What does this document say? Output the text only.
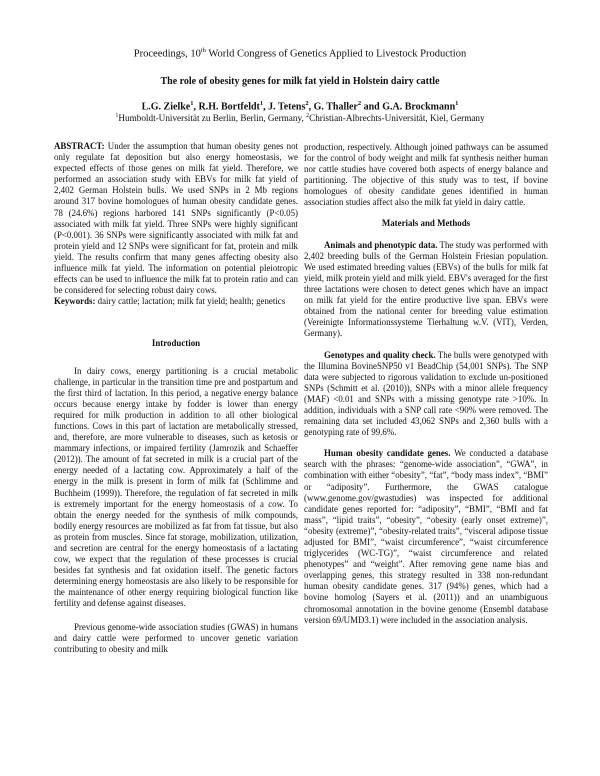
Proceedings, 10th World Congress of Genetics Applied to Livestock Production
The role of obesity genes for milk fat yield in Holstein dairy cattle
L.G. Zielke$^1$, R.H. Bortfeldt$^1$, J. Tetens$^2$, G. Thaller$^2$ and G.A. Brockmann$^1$
$^1$Humboldt-Universität zu Berlin, Berlin, Germany, $^2$Christian-Albrechts-Universität, Kiel, Germany

ABSTRACT: Under the assumption that human obesity genes not only regulate fat deposition but also energy homeostasis, we expected effects of those genes on milk fat yield. Therefore, we performed an association study with EBVs for milk fat yield of 2,402 German Holstein bulls. We used SNPs in 2 Mb regions around 317 bovine homologues of human obesity candidate genes. 78 (24.6%) regions harbored 141 SNPs significantly (P<0.05) associated with milk fat yield. Three SNPs were highly significant (P<0.001). 36 SNPs were significantly associated with milk fat and protein yield and 12 SNPs were significant for fat, protein and milk yield. The results confirm that many genes affecting obesity also influence milk fat yield. The information on potential pleiotropic effects can be used to influence the milk fat to protein ratio and can be considered for selecting robust dairy cows.

Keywords: dairy cattle; lactation; milk fat yield; health; genetics

Introduction

In dairy cows, energy partitioning is a crucial metabolic challenge, in particular in the transition time pre and postpartum and the first third of lactation. In this period, a negative energy balance occurs because energy intake by fodder is lower than energy required for milk production in addition to all other biological functions. Cows in this part of lactation are metabolically stressed, and, therefore, are more vulnerable to diseases, such as ketosis or mammary infections, or impaired fertility (Jamrozik and Schaeffer (2012)). The amount of fat secreted in milk is a crucial part of the energy needed of a lactating cow. Approximately a half of the energy in the milk is present in form of milk fat (Schlimme and Buchheim (1999)). Therefore, the regulation of fat secreted in milk is extremely important for the energy homeostasis of a cow. To obtain the energy needed for the synthesis of milk compounds, bodily energy resources are mobilized as fat from fat tissue, but also as protein from muscles. Since fat storage, mobilization, utilization, and secretion are central for the energy homeostasis of a lactating cow, we expect that the regulation of these processes is crucial besides fat synthesis and fat oxidation itself. The genetic factors determining energy homeostasis are also likely to be responsible for the maintenance of other energy requiring biological function like fertility and defense against diseases.

Previous genome-wide association studies (GWAS) in humans and dairy cattle were performed to uncover genetic variation contributing to obesity and milk

production, respectively. Although joined pathways can be assumed for the control of body weight and milk fat synthesis neither human nor cattle studies have covered both aspects of energy balance and partitioning. The objective of this study was to test, if bovine homologues of obesity candidate genes identified in human association studies affect also the milk fat yield in dairy cattle.

Materials and Methods

Animals and phenotypic data. The study was performed with 2,402 breeding bulls of the German Holstein Friesian population. We used estimated breeding values (EBVs) of the bulls for milk fat yield, milk protein yield and milk yield. EBV's averaged for the first three lactations were chosen to detect genes which have an impact on milk fat yield for the entire productive live span. EBVs were obtained from the national center for breeding value estimation (Vereinigte Informationssysteme Tierhaltung w.V. (VIT), Verden, Germany).

Genotypes and quality check. The bulls were genotyped with the Illumina BovineSNP50 v1 BeadChip (54,001 SNPs). The SNP data were subjected to rigorous validation to exclude un-positioned SNPs (Schmitt et al. (2010)), SNPs with a minor allele frequency (MAF) <0.01 and SNPs with a missing genotype rate >10%. In addition, individuals with a SNP call rate <90% were removed. The remaining data set included 43,062 SNPs and 2,360 bulls with a genotyping rate of 99.6%.

Human obesity candidate genes. We conducted a database search with the phrases: “genome-wide association”, “GWA”, in combination with either “obesity”, “fat”, “body mass index”, “BMI” or “adiposity”. Furthermore, the GWAS catalogue (www.genome.gov/gwastudies) was inspected for additional candidate genes reported for: “adiposity”, “BMI”, “BMI and fat mass”, “lipid traits”, “obesity”, “obesity (early onset extreme)”, “obesity (extreme)”, “obesity-related traits”, “visceral adipose tissue adjusted for BMI”, “waist circumference”, “waist circumference triglycerides (WC-TG)”, “waist circumference and related phenotypes” and “weight”. After removing gene name bias and overlapping genes, this strategy resulted in 338 non-redundant human obesity candidate genes. 317 (94%) genes, which had a bovine homolog (Sayers et al. (2011)) and an unambiguous chromosomal annotation in the bovine genome (Ensembl database version 69/UMD3.1) were included in the association analysis.
